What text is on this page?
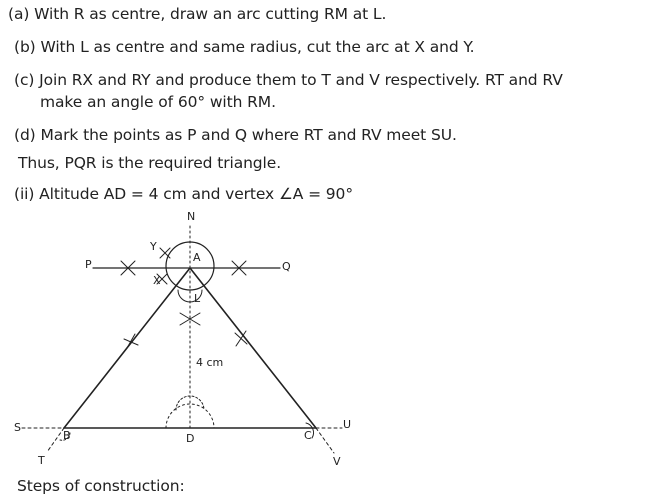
(a) With R as centre, draw an arc cutting RM at L.
(b) With L as centre and same radius, cut the arc at X and Y.
(c) Join RX and RY and produce them to T and V respectively. RT and RV
make an angle of 60° with RM.
(d) Mark the points as P and Q where RT and RV meet SU.
Thus, PQR is the required triangle.
(ii) Altitude AD = 4 cm and vertex ∠A = 90°
N
Y
A
P	Q
X
L
4 cm
S	U
B	D	C
T	V
Steps of construction:
